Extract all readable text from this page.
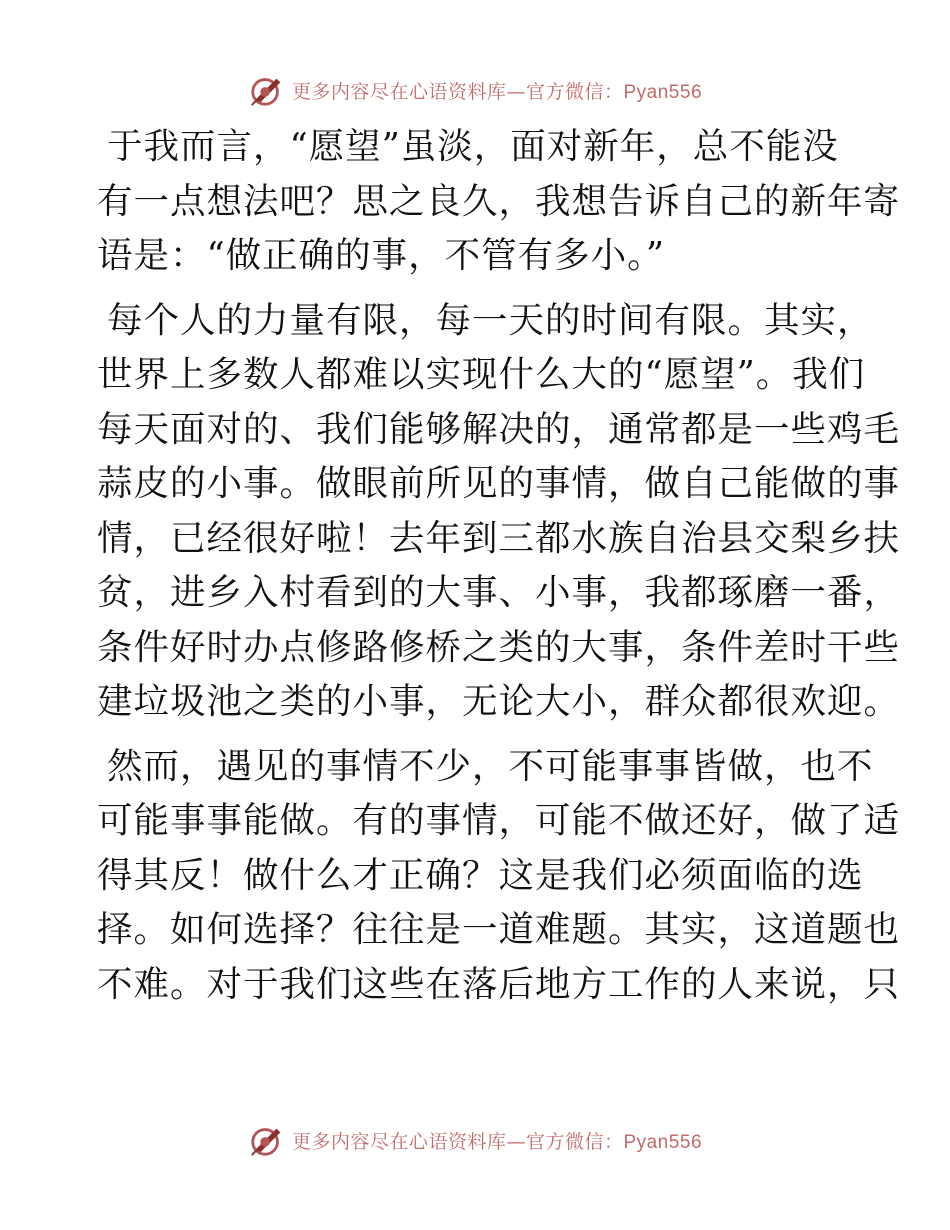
更多内容尽在心语资料库—官方微信：Pyan556
于我而言，“愿望”虽淡，面对新年，总不能没
有一点想法吧？思之良久，我想告诉自己的新年寄
语是：“做正确的事，不管有多小。”
每个人的力量有限，每一天的时间有限。其实，
世界上多数人都难以实现什么大的“愿望”。我们
每天面对的、我们能够解决的，通常都是一些鸡毛
蒜皮的小事。做眼前所见的事情，做自己能做的事
情，已经很好啦！去年到三都水族自治县交梨乡扶
贫，进乡入村看到的大事、小事，我都琢磨一番，
条件好时办点修路修桥之类的大事，条件差时干些
建垃圾池之类的小事，无论大小，群众都很欢迎。
然而，遇见的事情不少，不可能事事皆做，也不
可能事事能做。有的事情，可能不做还好，做了适
得其反！做什么才正确？这是我们必须面临的选
择。如何选择？往往是一道难题。其实，这道题也
不难。对于我们这些在落后地方工作的人来说，只
更多内容尽在心语资料库—官方微信：Pyan556
